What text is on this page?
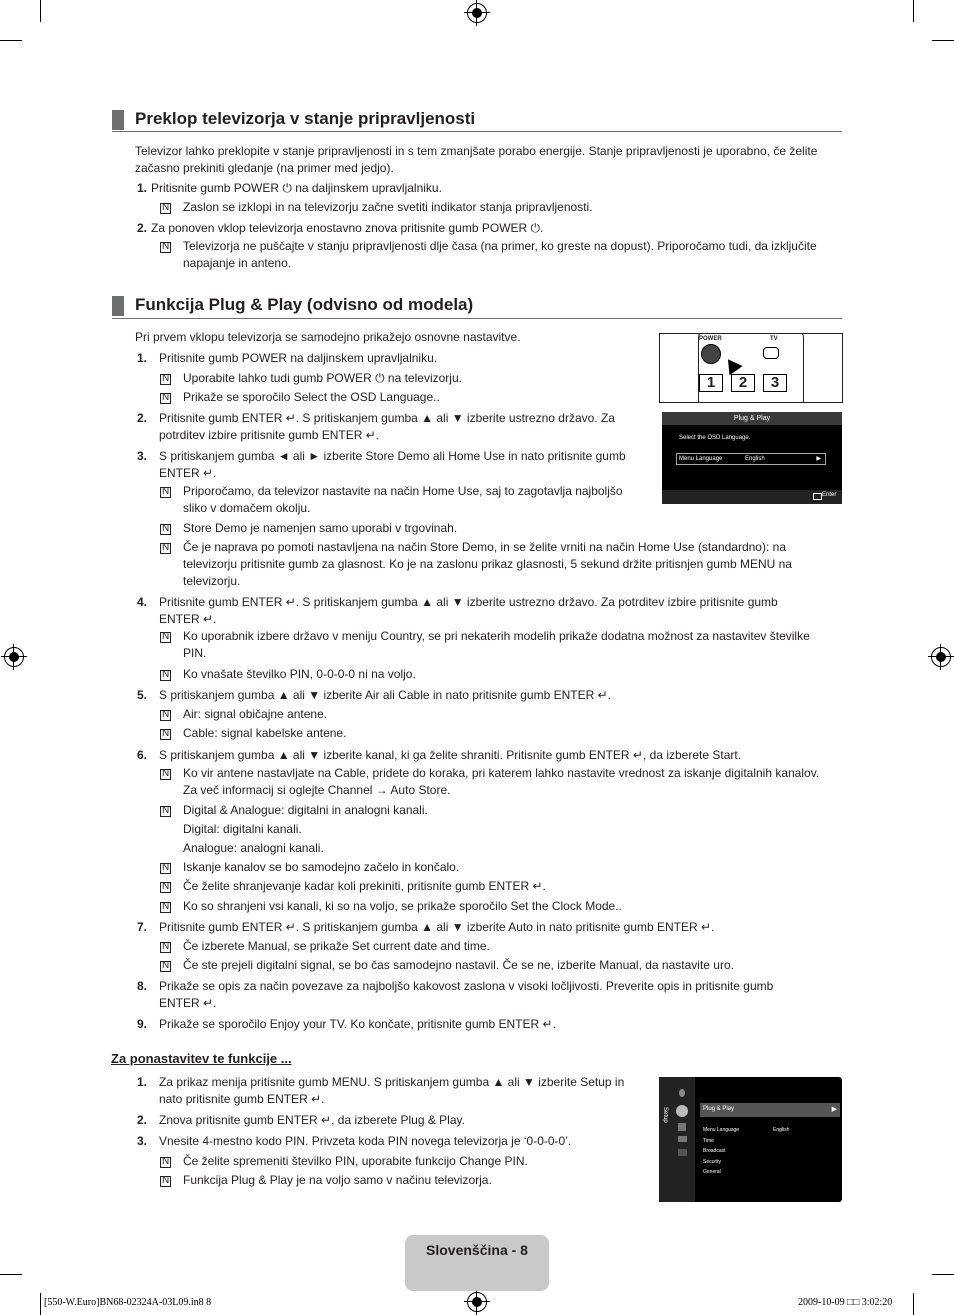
Preklop televizorja v stanje pripravljenosti
Televizor lahko preklopite v stanje pripravljenosti in s tem zmanjšate porabo energije. Stanje pripravljenosti je uporabno, če želite
začasno prekiniti gledanje (na primer med jedjo).
1. Pritisnite gumb POWER ⏻ na daljinskem upravljalniku.
N
Zaslon se izklopi in na televizorju začne svetiti indikator stanja pripravljenosti.
2. Za ponoven vklop televizorja enostavno znova pritisnite gumb POWER ⏻.
N
Televizorja ne puščajte v stanju pripravljenosti dlje časa (na primer, ko greste na dopust). Priporočamo tudi, da izključite
napajanje in anteno.
Funkcija Plug & Play (odvisno od modela)
Pri prvem vklopu televizorja se samodejno prikažejo osnovne nastavitve.
1.
2.
3.
4.
5.
6.
7.
8.
9.
N
N
N
N
N
N
N
N
N
N
N
N
N
N
N
N
Pritisnite gumb POWER na daljinskem upravljalniku.
Uporabite lahko tudi gumb POWER ⏻ na televizorju.
Prikaže se sporočilo Select the OSD Language..
Pritisnite gumb ENTER ↵. S pritiskanjem gumba ▲ ali ▼ izberite ustrezno državo. Za
potrditev izbire pritisnite gumb ENTER ↵.
S pritiskanjem gumba ◄ ali ► izberite Store Demo ali Home Use in nato pritisnite gumb
ENTER ↵.
Priporočamo, da televizor nastavite na način Home Use, saj to zagotavlja najboljšo
sliko v domačem okolju.
Store Demo je namenjen samo uporabi v trgovinah.
Če je naprava po pomoti nastavljena na način Store Demo, in se želite vrniti na način Home Use (standardno): na
televizorju pritisnite gumb za glasnost. Ko je na zaslonu prikaz glasnosti, 5 sekund držite pritisnjen gumb MENU na
televizorju.
Pritisnite gumb ENTER ↵. S pritiskanjem gumba ▲ ali ▼ izberite ustrezno državo. Za potrditev izbire pritisnite gumb
ENTER ↵.
Ko uporabnik izbere državo v meniju Country, se pri nekaterih modelih prikaže dodatna možnost za nastavitev številke
PIN.
Ko vnašate številko PIN, 0-0-0-0 ni na voljo.
S pritiskanjem gumba ▲ ali ▼ izberite Air ali Cable in nato pritisnite gumb ENTER ↵.
Air: signal običajne antene.
Cable: signal kabelske antene.
S pritiskanjem gumba ▲ ali ▼ izberite kanal, ki ga želite shraniti. Pritisnite gumb ENTER ↵, da izberete Start.
Ko vir antene nastavljate na Cable, pridete do koraka, pri katerem lahko nastavite vrednost za iskanje digitalnih kanalov.
Za več informacij si oglejte Channel → Auto Store.
Digital & Analogue: digitalni in analogni kanali.
Digital: digitalni kanali.
Analogue: analogni kanali.
Iskanje kanalov se bo samodejno začelo in končalo.
Če želite shranjevanje kadar koli prekiniti, pritisnite gumb ENTER ↵.
Ko so shranjeni vsi kanali, ki so na voljo, se prikaže sporočilo Set the Clock Mode..
Pritisnite gumb ENTER ↵. S pritiskanjem gumba ▲ ali ▼ izberite Auto in nato pritisnite gumb ENTER ↵.
Če izberete Manual, se prikaže Set current date and time.
Če ste prejeli digitalni signal, se bo čas samodejno nastavil. Če se ne, izberite Manual, da nastavite uro.
Prikaže se opis za način povezave za najboljšo kakovost zaslona v visoki ločljivosti. Preverite opis in pritisnite gumb
ENTER ↵.
Prikaže se sporočilo Enjoy your TV. Ko končate, pritisnite gumb ENTER ↵.
POWER	TV
1	2	3
Plug & Play
Select the OSD Language.
Menu Language	English	▶
Enter
Za ponastavitev te funkcije ...
1.
2.
3.
N
N
Za prikaz menija pritisnite gumb MENU. S pritiskanjem gumba ▲ ali ▼ izberite Setup in
nato pritisnite gumb ENTER ↵.
Znova pritisnite gumb ENTER ↵, da izberete Plug & Play.
Vnesite 4-mestno kodo PIN. Privzeta koda PIN novega televizorja je ‘0-0-0-0’.
Če želite spremeniti številko PIN, uporabite funkcijo Change PIN.
Funkcija Plug & Play je na voljo samo v načinu televizorja.
Setup	Plug & Play	▶
Menu Language
Time
Broadcast
Security
General
English
Slovenščina - 8
[550-W.Euro]BN68-02324A-03L09.in8 8	2009-10-09 □□ 3:02:20
